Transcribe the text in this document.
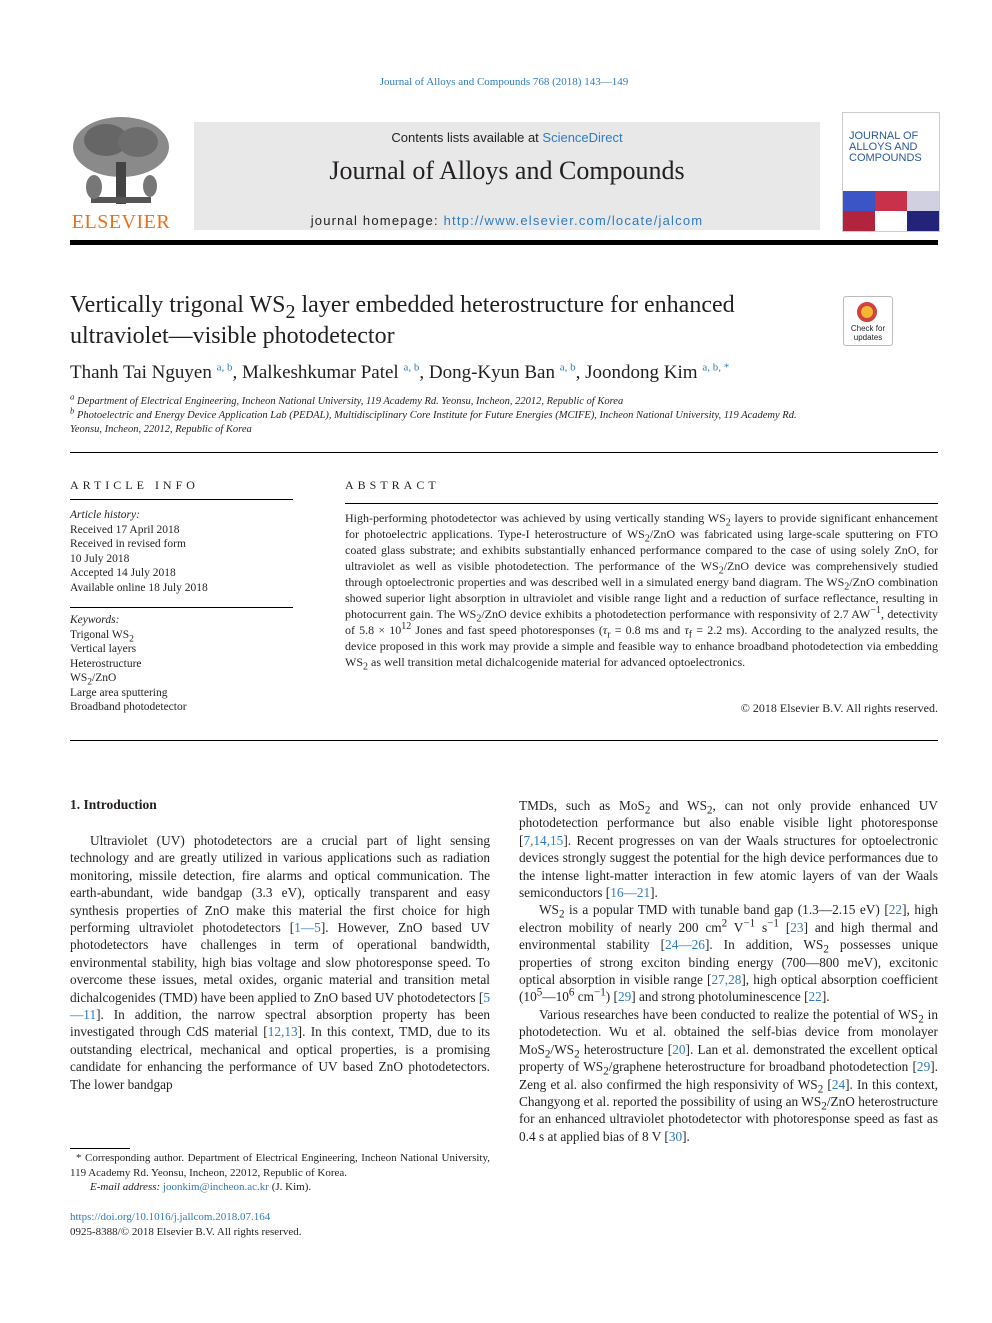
Journal of Alloys and Compounds 768 (2018) 143—149
ELSEVIER
Contents lists available at ScienceDirect
Journal of Alloys and Compounds
journal homepage: http://www.elsevier.com/locate/jalcom
JOURNAL OF ALLOYS AND COMPOUNDS
Vertically trigonal $WS_2$ layer embedded heterostructure for enhanced ultraviolet—visible photodetector	Check for updates
Thanh Tai Nguyen $^{a, b}$, Malkeshkumar Patel $^{a, b}$, Dong-Kyun Ban $^{a, b}$, Joondong Kim $^{a, b, *}$
$^a$ Department of Electrical Engineering, Incheon National University, 119 Academy Rd. Yeonsu, Incheon, 22012, Republic of Korea
$^b$ Photoelectric and Energy Device Application Lab (PEDAL), Multidisciplinary Core Institute for Future Energies (MCIFE), Incheon National University, 119 Academy Rd. Yeonsu, Incheon, 22012, Republic of Korea
ARTICLE INFO
Article history:
Received 17 April 2018
Received in revised form
10 July 2018
Accepted 14 July 2018
Available online 18 July 2018
Keywords:
Trigonal $WS_2$
Vertical layers
Heterostructure
$WS_2$/ZnO
Large area sputtering
Broadband photodetector
ABSTRACT
High-performing photodetector was achieved by using vertically standing $WS_2$ layers to provide significant enhancement for photoelectric applications. Type-I heterostructure of $WS_2$/ZnO was fabricated using large-scale sputtering on FTO coated glass substrate; and exhibits substantially enhanced performance compared to the case of using solely ZnO, for ultraviolet as well as visible photodetection. The performance of the $WS_2$/ZnO device was comprehensively studied through optoelectronic properties and was described well in a simulated energy band diagram. The $WS_2$/ZnO combination showed superior light absorption in ultraviolet and visible range light and a reduction of surface reflectance, resulting in photocurrent gain. The $WS_2$/ZnO device exhibits a photodetection performance with responsivity of 2.7 $AW^{-1}$, detectivity of $5.8 \times 10^{12}$ Jones and fast speed photoresponses ($\tau_r = 0.8$ ms and $\tau_f = 2.2$ ms). According to the analyzed results, the device proposed in this work may provide a simple and feasible way to enhance broadband photodetection via embedding $WS_2$ as well transition metal dichalcogenide material for advanced optoelectronics.
© 2018 Elsevier B.V. All rights reserved.
1. Introduction

Ultraviolet (UV) photodetectors are a crucial part of light sensing technology and are greatly utilized in various applications such as radiation monitoring, missile detection, fire alarms and optical communication. The earth-abundant, wide bandgap (3.3 eV), optically transparent and easy synthesis properties of ZnO make this material the first choice for high performing ultraviolet photodetectors [1—5]. However, ZnO based UV photodetectors have challenges in term of operational bandwidth, environmental stability, high bias voltage and slow photoresponse speed. To overcome these issues, metal oxides, organic material and transition metal dichalcogenides (TMD) have been applied to ZnO based UV photodetectors [5—11]. In addition, the narrow spectral absorption property has been investigated through CdS material [12,13]. In this context, TMD, due to its outstanding electrical, mechanical and optical properties, is a promising candidate for enhancing the performance of UV based ZnO photodetectors. The lower bandgap

TMDs, such as MoS$_2$ and $WS_2$, can not only provide enhanced UV photodetection performance but also enable visible light photoresponse [7,14,15]. Recent progresses on van der Waals structures for optoelectronic devices strongly suggest the potential for the high device performances due to the intense light-matter interaction in few atomic layers of van der Waals semiconductors [16—21].

$WS_2$ is a popular TMD with tunable band gap (1.3—2.15 eV) [22], high electron mobility of nearly 200 $cm^2$ $V^{-1}$ $s^{-1}$ [23] and high thermal and environmental stability [24—26]. In addition, $WS_2$ possesses unique properties of strong exciton binding energy (700—800 meV), excitonic optical absorption in visible range [27,28], high optical absorption coefficient ($10^5—10^6$ $cm^{-1}$) [29] and strong photoluminescence [22].

Various researches have been conducted to realize the potential of $WS_2$ in photodetection. Wu et al. obtained the self-bias device from monolayer $MoS_2/WS_2$ heterostructure [20]. Lan et al. demonstrated the excellent optical property of $WS_2$/graphene heterostructure for broadband photodetection [29]. Zeng et al. also confirmed the high responsivity of $WS_2$ [24]. In this context, Changyong et al. reported the possibility of using an $WS_2$/ZnO heterostructure for an enhanced ultraviolet photodetector with photoresponse speed as fast as 0.4 s at applied bias of 8 V [30].

* Corresponding author. Department of Electrical Engineering, Incheon National University, 119 Academy Rd. Yeonsu, Incheon, 22012, Republic of Korea.
E-mail address: joonkim@incheon.ac.kr (J. Kim).
https://doi.org/10.1016/j.jallcom.2018.07.164
0925-8388/© 2018 Elsevier B.V. All rights reserved.
